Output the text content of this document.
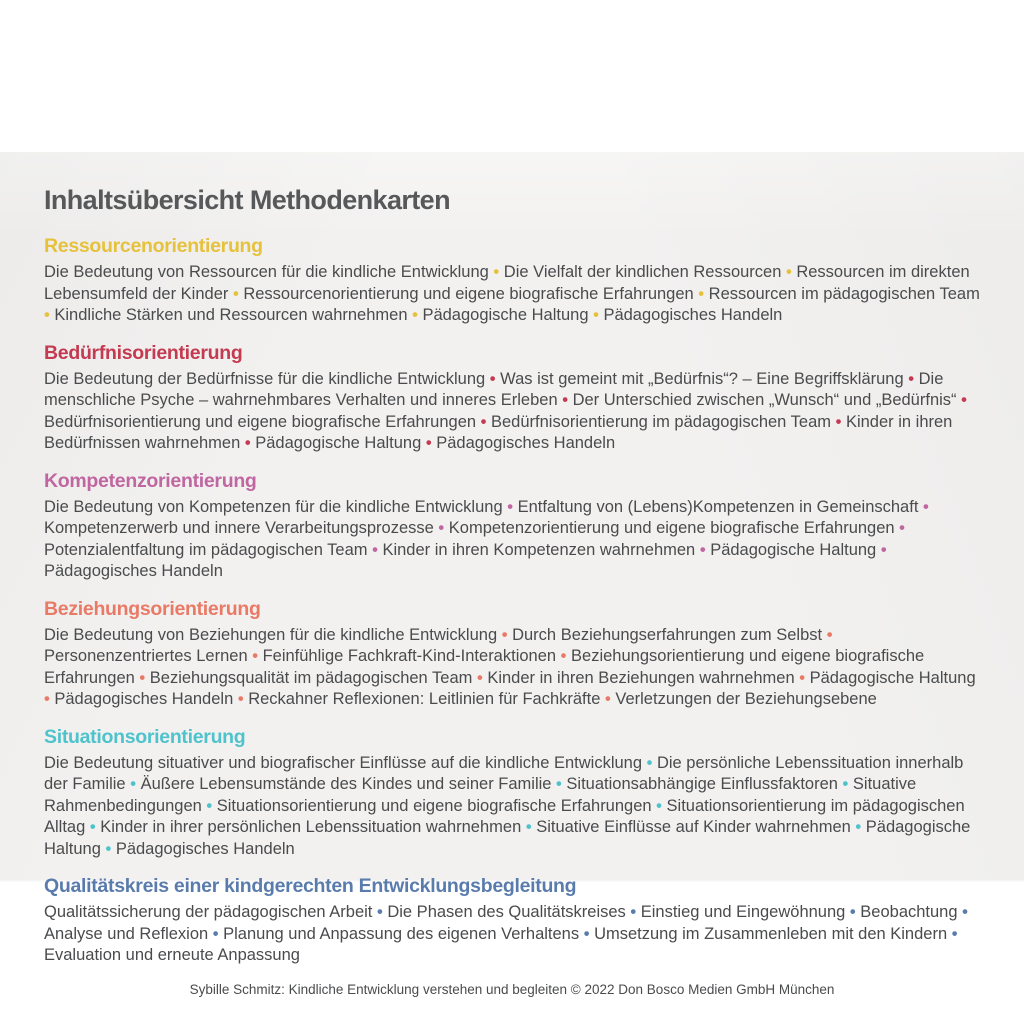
Inhaltsübersicht Methodenkarten
Ressourcenorientierung

Die Bedeutung von Ressourcen für die kindliche Entwicklung • Die Vielfalt der kindlichen Ressourcen • Ressourcen im direkten Lebensumfeld der Kinder • Ressourcenorientierung und eigene biografische Erfahrungen • Ressourcen im pädagogischen Team • Kindliche Stärken und Ressourcen wahrnehmen • Pädagogische Haltung • Pädagogisches Handeln

Bedürfnisorientierung

Die Bedeutung der Bedürfnisse für die kindliche Entwicklung • Was ist gemeint mit „Bedürfnis“? – Eine Begriffsklärung • Die menschliche Psyche – wahrnehmbares Verhalten und inneres Erleben • Der Unterschied zwischen „Wunsch“ und „Bedürfnis“ • Bedürfnisorientierung und eigene biografische Erfahrungen • Bedürfnisorientierung im pädagogischen Team • Kinder in ihren Bedürfnissen wahrnehmen • Pädagogische Haltung • Pädagogisches Handeln

Kompetenzorientierung

Die Bedeutung von Kompetenzen für die kindliche Entwicklung • Entfaltung von (Lebens)Kompetenzen in Gemeinschaft • Kompetenzerwerb und innere Verarbeitungsprozesse • Kompetenzorientierung und eigene biografische Erfahrungen • Potenzialentfaltung im pädagogischen Team • Kinder in ihren Kompetenzen wahrnehmen • Pädagogische Haltung • Pädagogisches Handeln

Beziehungsorientierung

Die Bedeutung von Beziehungen für die kindliche Entwicklung • Durch Beziehungserfahrungen zum Selbst • Personenzentriertes Lernen • Feinfühlige Fachkraft-Kind-Interaktionen • Beziehungsorientierung und eigene biografische Erfahrungen • Beziehungsqualität im pädagogischen Team • Kinder in ihren Beziehungen wahrnehmen • Pädagogische Haltung • Pädagogisches Handeln • Reckahner Reflexionen: Leitlinien für Fachkräfte • Verletzungen der Beziehungsebene

Situationsorientierung

Die Bedeutung situativer und biografischer Einflüsse auf die kindliche Entwicklung • Die persönliche Lebenssituation innerhalb der Familie • Äußere Lebensumstände des Kindes und seiner Familie • Situationsabhängige Einflussfaktoren • Situative Rahmenbedingungen • Situationsorientierung und eigene biografische Erfahrungen • Situationsorientierung im pädagogischen Alltag • Kinder in ihrer persönlichen Lebenssituation wahrnehmen • Situative Einflüsse auf Kinder wahrnehmen • Pädagogische Haltung • Pädagogisches Handeln

Qualitätskreis einer kindgerechten Entwicklungsbegleitung

Qualitätssicherung der pädagogischen Arbeit • Die Phasen des Qualitätskreises • Einstieg und Eingewöhnung • Beobachtung • Analyse und Reflexion • Planung und Anpassung des eigenen Verhaltens • Umsetzung im Zusammenleben mit den Kindern • Evaluation und erneute Anpassung

Sybille Schmitz: Kindliche Entwicklung verstehen und begleiten © 2022 Don Bosco Medien GmbH München
